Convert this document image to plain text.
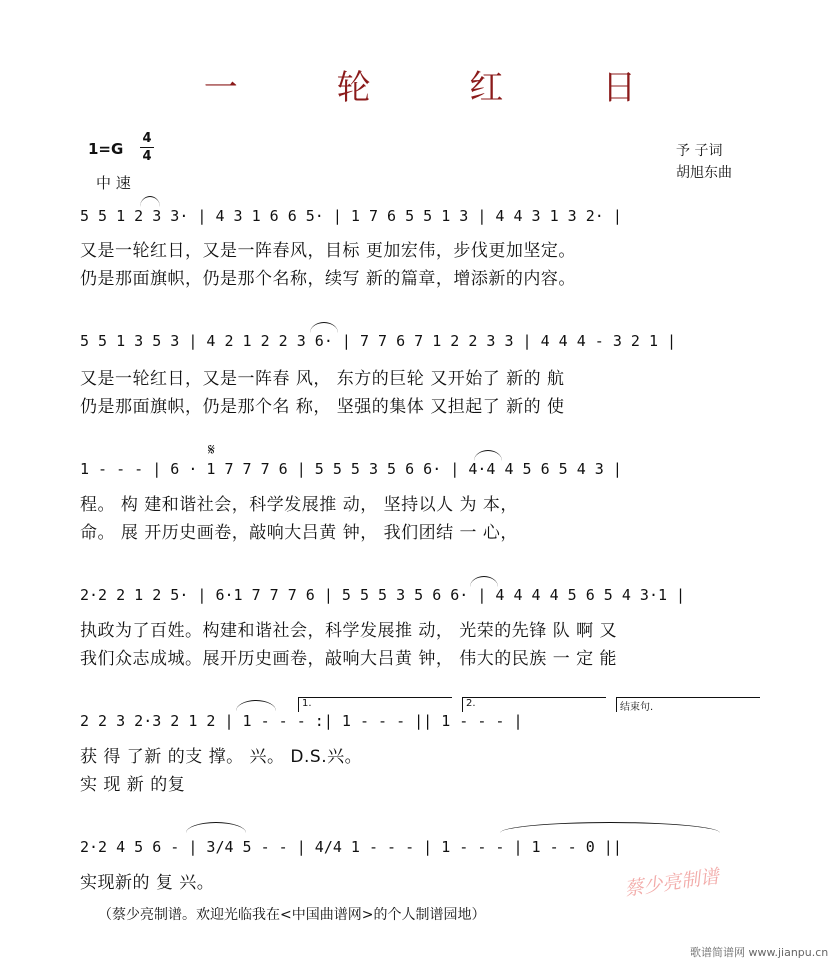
一 轮 红 日
1=G
4
4
中 速
予 子词
胡旭东曲
5 5 1 2 3 3· | 4 3 1 6 6 5· | 1 7 6 5 5 1 3 | 4 4 3 1 3 2· |
又是一轮红日，又是一阵春风，目标 更加宏伟，步伐更加坚定。
仍是那面旗帜，仍是那个名称，续写 新的篇章，增添新的内容。
5 5 1 3 5 3 | 4 2 1 2 2 3 6· | 7 7 6 7 1 2 2 3 3 | 4 4 4 - 3 2 1 |
又是一轮红日，又是一阵春 风， 东方的巨轮 又开始了 新的 航
仍是那面旗帜，仍是那个名 称， 坚强的集体 又担起了 新的 使
𝄋
1 - - - | 6 · 1 7 7 7 6 | 5 5 5 3 5 6 6· | 4·4 4 5 6 5 4 3 |
程。 构 建和谐社会，科学发展推 动， 坚持以人 为 本，
命。 展 开历史画卷，敲响大吕黄 钟， 我们团结 一 心，
2·2 2 1 2 5· | 6·1 7 7 7 6 | 5 5 5 3 5 6 6· | 4 4 4 4 5 6 5 4 3·1 |
执政为了百姓。构建和谐社会，科学发展推 动， 光荣的先锋 队 啊 又
我们众志成城。展开历史画卷，敲响大吕黄 钟， 伟大的民族 一 定 能
1.	2.	结束句.
2 2 3 2·3 2 1 2 | 1 - - - :| 1 - - - || 1 - - - |
获 得 了新 的支 撑。 兴。 D.S.兴。
实 现 新 的复
2·2 4 5 6 - | 3/4 5 - - | 4/4 1 - - - | 1 - - - | 1 - - 0 ||
实现新的 复 兴。	蔡少亮制谱
（蔡少亮制谱。欢迎光临我在<中国曲谱网>的个人制谱园地）
歌谱简谱网 www.jianpu.cn
